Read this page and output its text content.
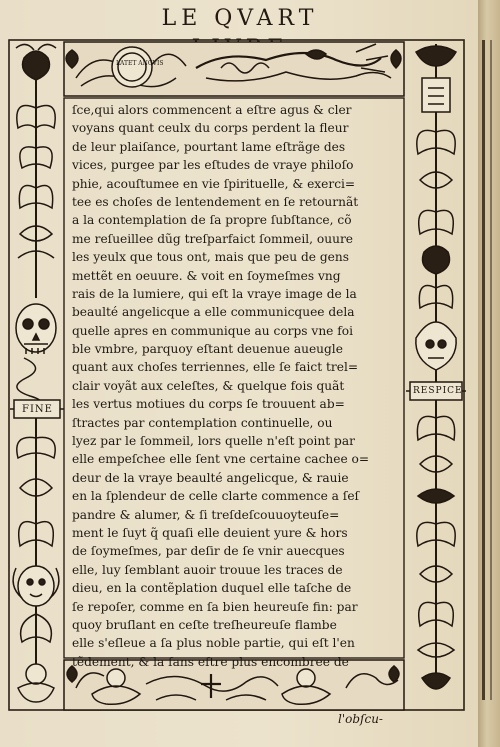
LE QVART
FINE
RESPICE
LATET ANGVIS
ſce,qui alors commencent a eſtre agus & cler
voyans quant ceulx du corps perdent la fleur
de leur plaiſance, pourtant lame eſtrãge des
vices, purgee par les eſtudes de vraye philoſo
phie, acouſtumee en vie ſpirituelle, & exerci=
tee es choſes de lentendement en ſe retournãt
a la contemplation de ſa propre ſubſtance, cõ
me reſueillee dũg treſparfaict ſommeil, ouure
les yeulx que tous ont, mais que peu de gens
mettẽt en oeuure. & voit en ſoymeſmes vng
rais de la lumiere, qui eſt la vraye image de la
beaulté angelicque a elle communicquee dela
quelle apres en communique au corps vne foi
ble vmbre, parquoy eſtant deuenue aueugle
quant aux choſes terriennes, elle ſe faict trel=
clair voyãt aux celeſtes, & quelque fois quãt
les vertus motiues du corps ſe trouuent ab=
ſtractes par contemplation continuelle, ou
lyez par le ſommeil, lors quelle n'eſt point par
elle empeſchee elle ſent vne certaine cachee o=
deur de la vraye beaulté angelicque, & rauie
en la ſplendeur de celle clarte commence a ſeſ
pandre & alumer, & ſi treſdeſcouuoyteuſe=
ment le ſuyt q̃ quaſi elle deuient yure & hors
de ſoymeſmes, par deſir de ſe vnir auecques
elle, luy ſemblant auoir trouue les traces de
dieu, en la contẽplation duquel elle taſche de
ſe repoſer, comme en ſa bien heureuſe fin: par
quoy bruſlant en ceſte treſheureuſe flambe
elle s'eſleue a ſa plus noble partie, qui eſt l'en
tẽdement, & la ſans eſtre plus encombree de
l'obſcu-
